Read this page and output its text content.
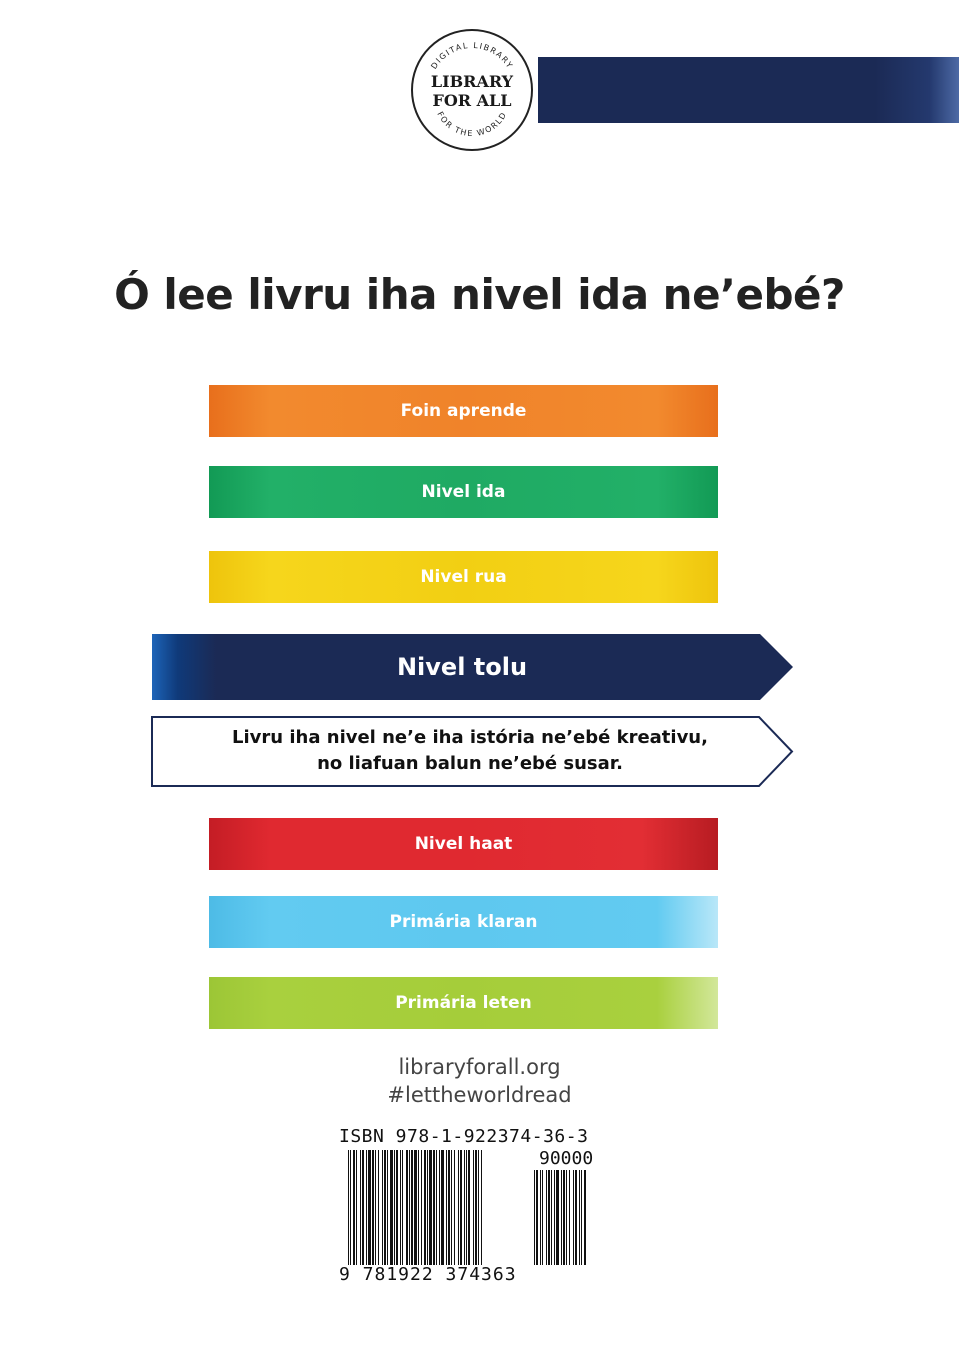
DIGITAL LIBRARY
FOR THE WORLD
LIBRARY
FOR ALL
Ó lee livru iha nivel ida ne’ebé?
Foin aprende
Nivel ida
Nivel rua
Nivel tolu
Livru iha nivel ne’e iha istória ne’ebé kreativu,
no liafuan balun ne’ebé susar.
Nivel haat
Primária klaran
Primária leten
libraryforall.org
#lettheworldread
ISBN 978-1-922374-36-3
90000
9 781922 374363
